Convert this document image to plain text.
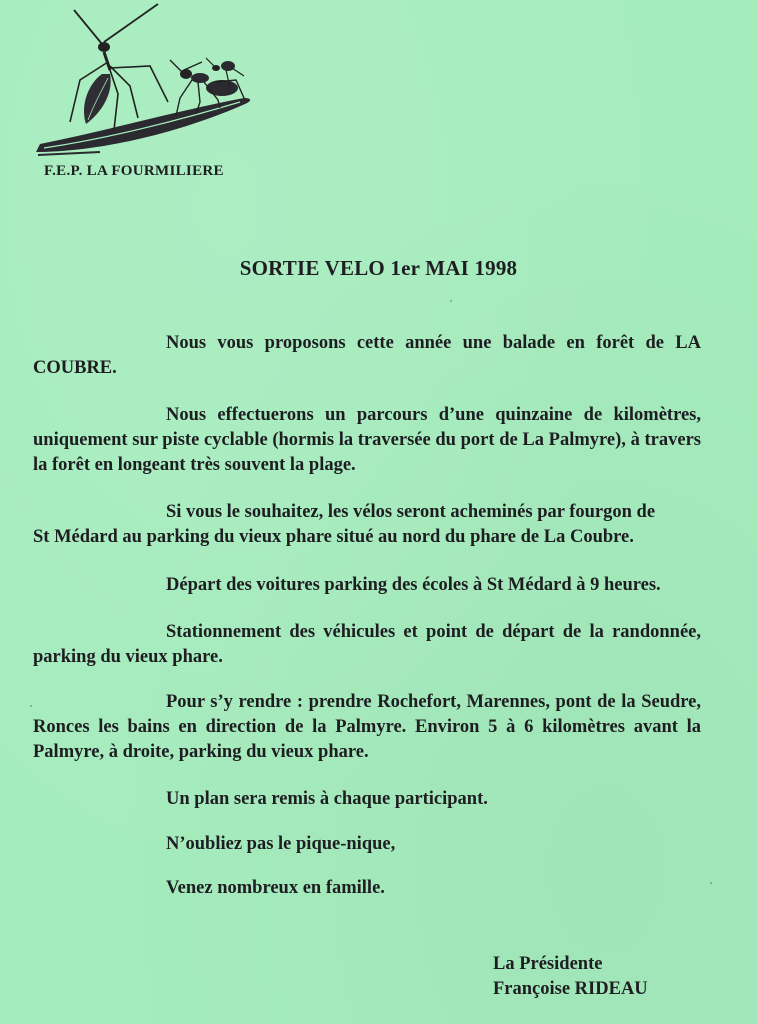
F.E.P. LA FOURMILIERE
SORTIE VELO 1er MAI 1998
Nous vous proposons cette année une balade en forêt de LA COUBRE.
Nous effectuerons un parcours d’une quinzaine de kilomètres, uniquement sur piste cyclable (hormis la traversée du port de La Palmyre), à travers la forêt en longeant très souvent la plage.
Si vous le souhaitez, les vélos seront acheminés par fourgon de
St Médard au parking du vieux phare situé au nord du phare de La Coubre.
Départ des voitures parking des écoles à St Médard à 9 heures.
Stationnement des véhicules et point de départ de la randonnée, parking du vieux phare.
Pour s’y rendre : prendre Rochefort, Marennes, pont de la Seudre, Ronces les bains en direction de la Palmyre. Environ 5 à 6 kilomètres avant la Palmyre, à droite, parking du vieux phare.
Un plan sera remis à chaque participant.
N’oubliez pas le pique-nique,
Venez nombreux en famille.
La Présidente
Françoise RIDEAU
